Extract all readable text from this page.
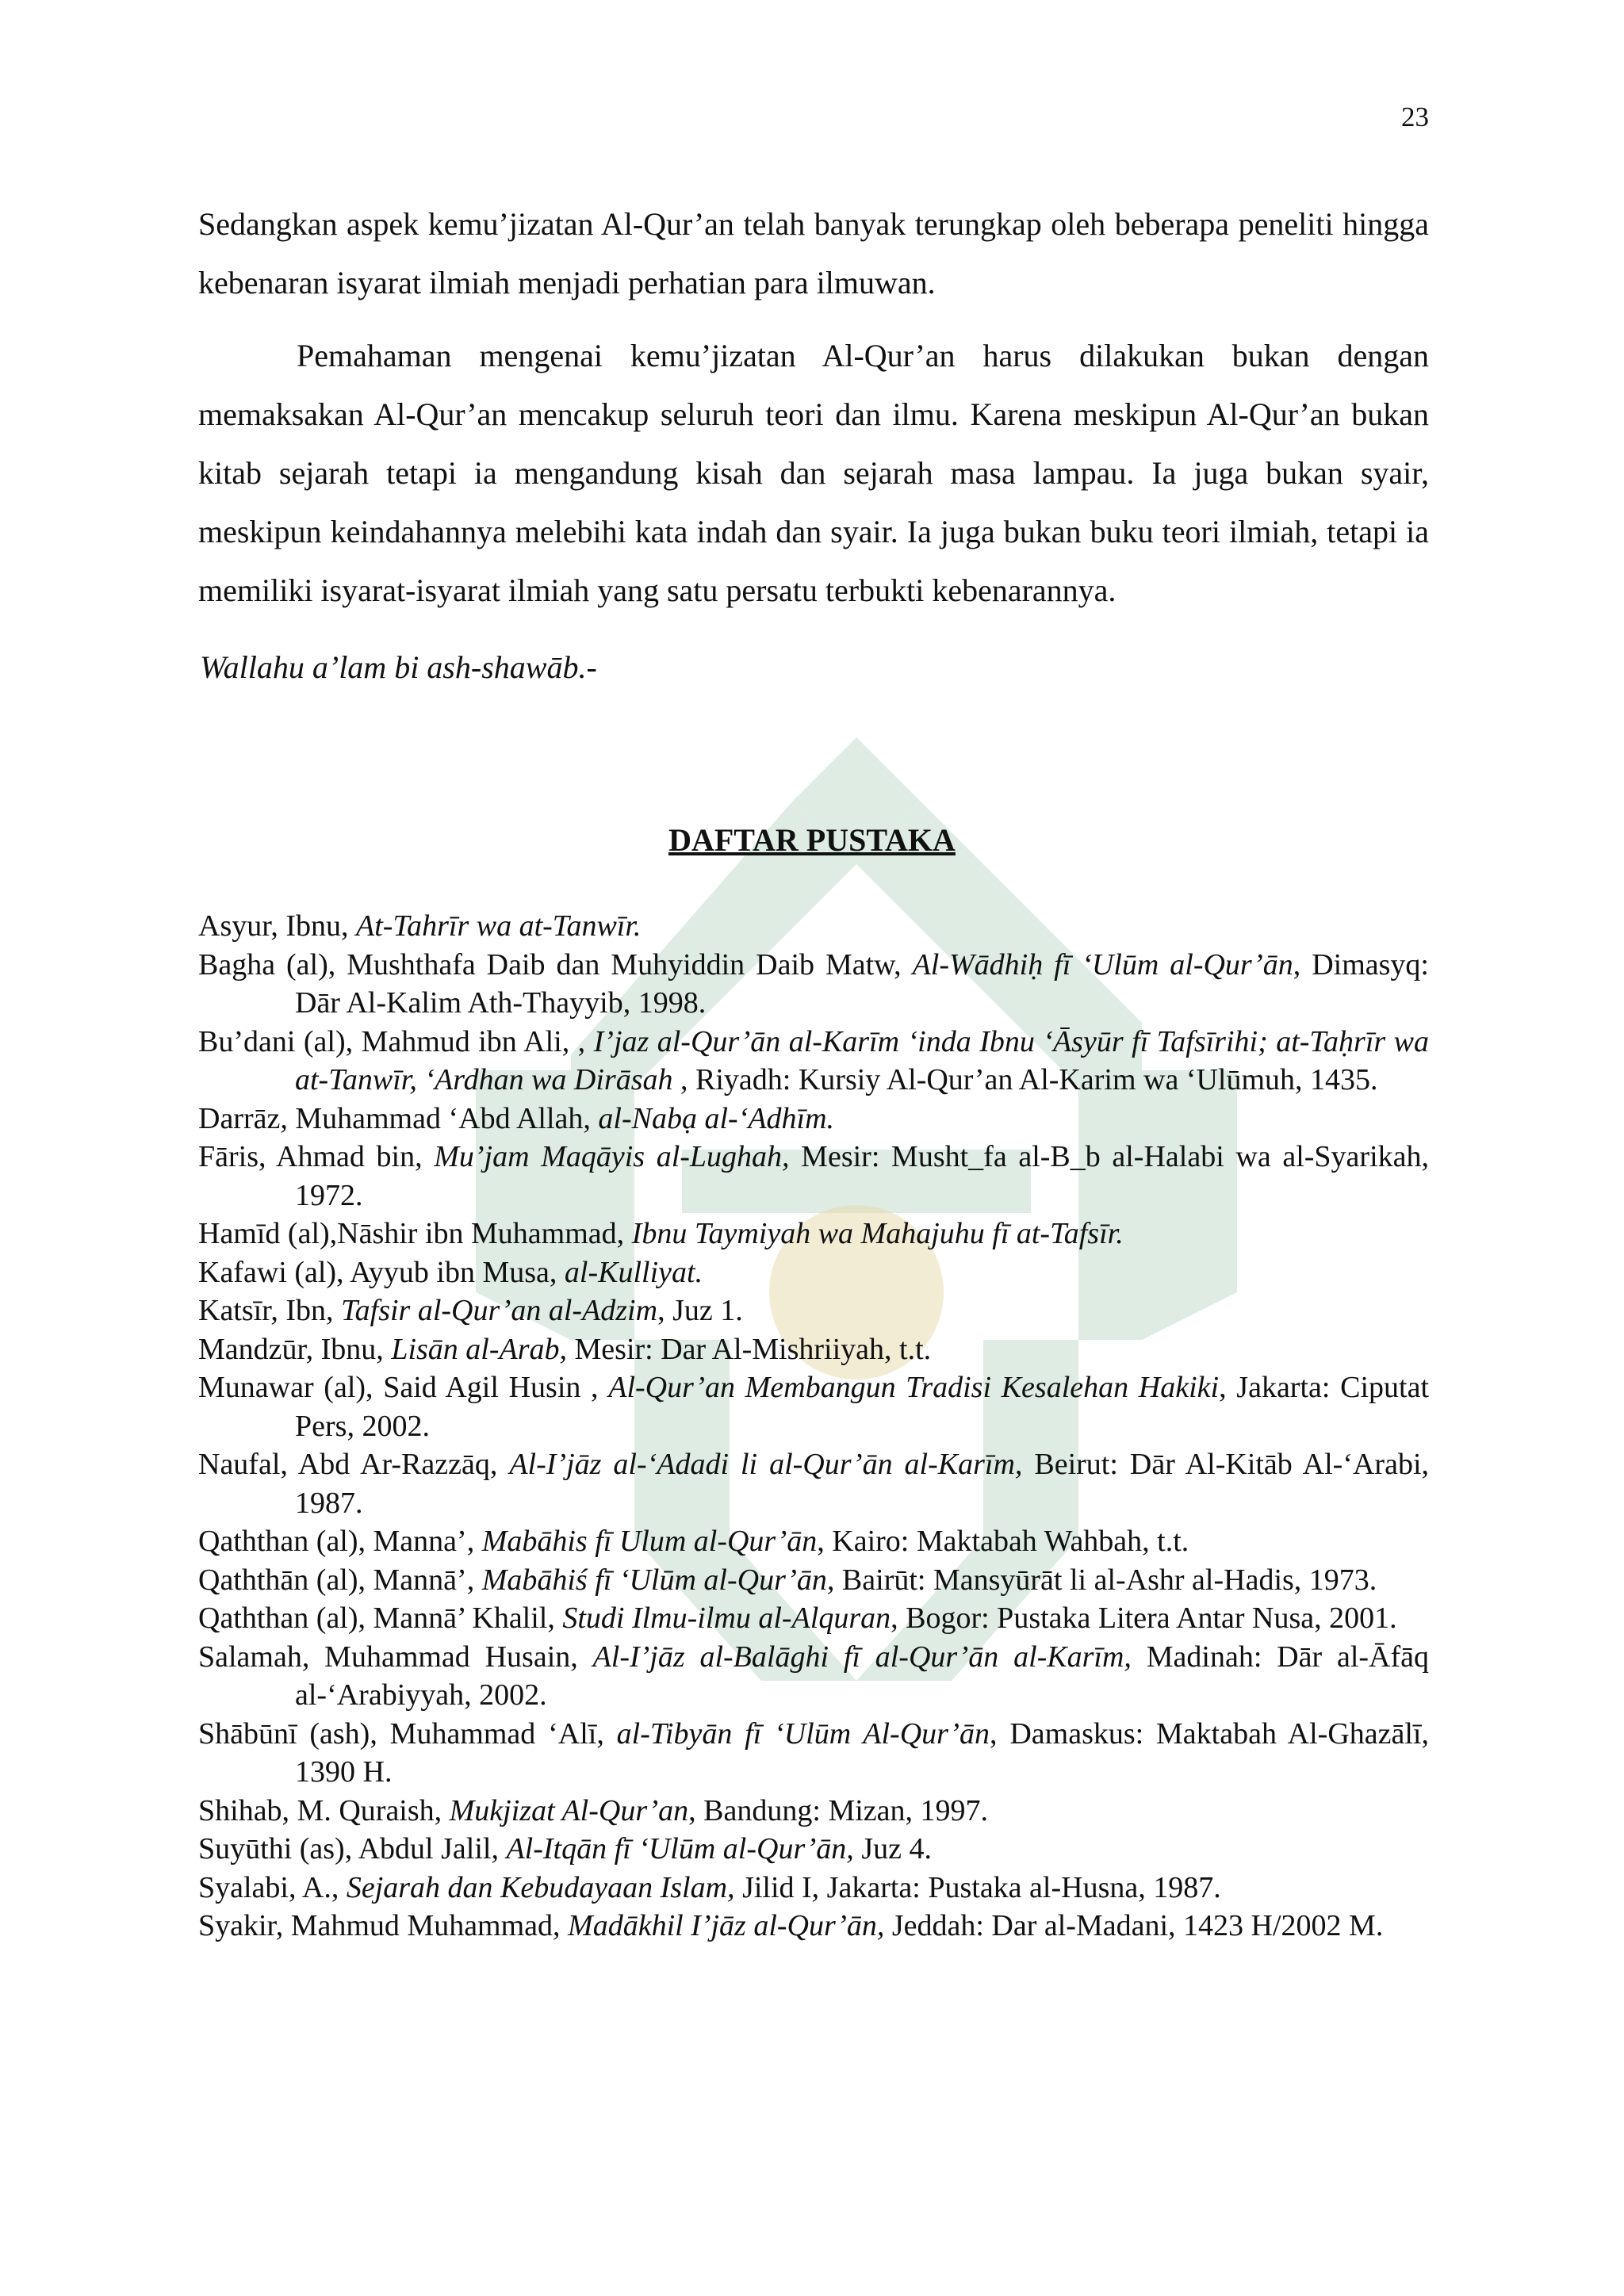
23

Sedangkan aspek kemu’jizatan Al-Qur’an telah banyak terungkap oleh beberapa peneliti hingga kebenaran isyarat ilmiah menjadi perhatian para ilmuwan.

Pemahaman mengenai kemu’jizatan Al-Qur’an harus dilakukan bukan dengan memaksakan Al-Qur’an mencakup seluruh teori dan ilmu. Karena meskipun Al-Qur’an bukan kitab sejarah tetapi ia mengandung kisah dan sejarah masa lampau. Ia juga bukan syair, meskipun keindahannya melebihi kata indah dan syair. Ia juga bukan buku teori ilmiah, tetapi ia memiliki isyarat-isyarat ilmiah yang satu persatu terbukti kebenarannya.

Wallahu a’lam bi ash-shawāb.-
DAFTAR PUSTAKA

Asyur, Ibnu, At-Tahrīr wa at-Tanwīr.

Bagha (al), Mushthafa Daib dan Muhyiddin Daib Matw, Al-Wādhiḥ fī ‘Ulūm al-Qur’ān, Dimasyq: Dār Al-Kalim Ath-Thayyib, 1998.

Bu’dani (al), Mahmud ibn Ali, , I’jaz al-Qur’ān al-Karīm ‘inda Ibnu ‘Āsyūr fī Tafsīrihi; at-Taḥrīr wa at-Tanwīr, ‘Ardhan wa Dirāsah , Riyadh: Kursiy Al-Qur’an Al-Karim wa ‘Ulūmuh, 1435.

Darrāz, Muhammad ‘Abd Allah, al-Nabạ al-‘Adhīm.

Fāris, Ahmad bin, Mu’jam Maqāyis al-Lughah, Mesir: Musht_fa al-B_b al-Halabi wa al-Syarikah, 1972.

Hamīd (al),Nāshir ibn Muhammad, Ibnu Taymiyah wa Mahajuhu fī at-Tafsīr.

Kafawi (al), Ayyub ibn Musa, al-Kulliyat.

Katsīr, Ibn, Tafsir al-Qur’an al-Adzim, Juz 1.

Mandzūr, Ibnu, Lisān al-Arab, Mesir: Dar Al-Mishriiyah, t.t.

Munawar (al), Said Agil Husin , Al-Qur’an Membangun Tradisi Kesalehan Hakiki, Jakarta: Ciputat Pers, 2002.

Naufal, Abd Ar-Razzāq, Al-I’jāz al-‘Adadi li al-Qur’ān al-Karīm, Beirut: Dār Al-Kitāb Al-‘Arabi, 1987.

Qaththan (al), Manna’, Mabāhis fī Ulum al-Qur’ān, Kairo: Maktabah Wahbah, t.t.

Qaththān (al), Mannā’, Mabāhiś fī ‘Ulūm al-Qur’ān, Bairūt: Mansyūrāt li al-Ashr al-Hadis, 1973.

Qaththan (al), Mannā’ Khalil, Studi Ilmu-ilmu al-Alquran, Bogor: Pustaka Litera Antar Nusa, 2001.

Salamah, Muhammad Husain, Al-I’jāz al-Balāghi fī al-Qur’ān al-Karīm, Madinah: Dār al-Āfāq al-‘Arabiyyah, 2002.

Shābūnī (ash), Muhammad ‘Alī, al-Tibyān fī ‘Ulūm Al-Qur’ān, Damaskus: Maktabah Al-Ghazālī, 1390 H.

Shihab, M. Quraish, Mukjizat Al-Qur’an, Bandung: Mizan, 1997.

Suyūthi (as), Abdul Jalil, Al-Itqān fī ‘Ulūm al-Qur’ān, Juz 4.

Syalabi, A., Sejarah dan Kebudayaan Islam, Jilid I, Jakarta: Pustaka al-Husna, 1987.

Syakir, Mahmud Muhammad, Madākhil I’jāz al-Qur’ān, Jeddah: Dar al-Madani, 1423 H/2002 M.
